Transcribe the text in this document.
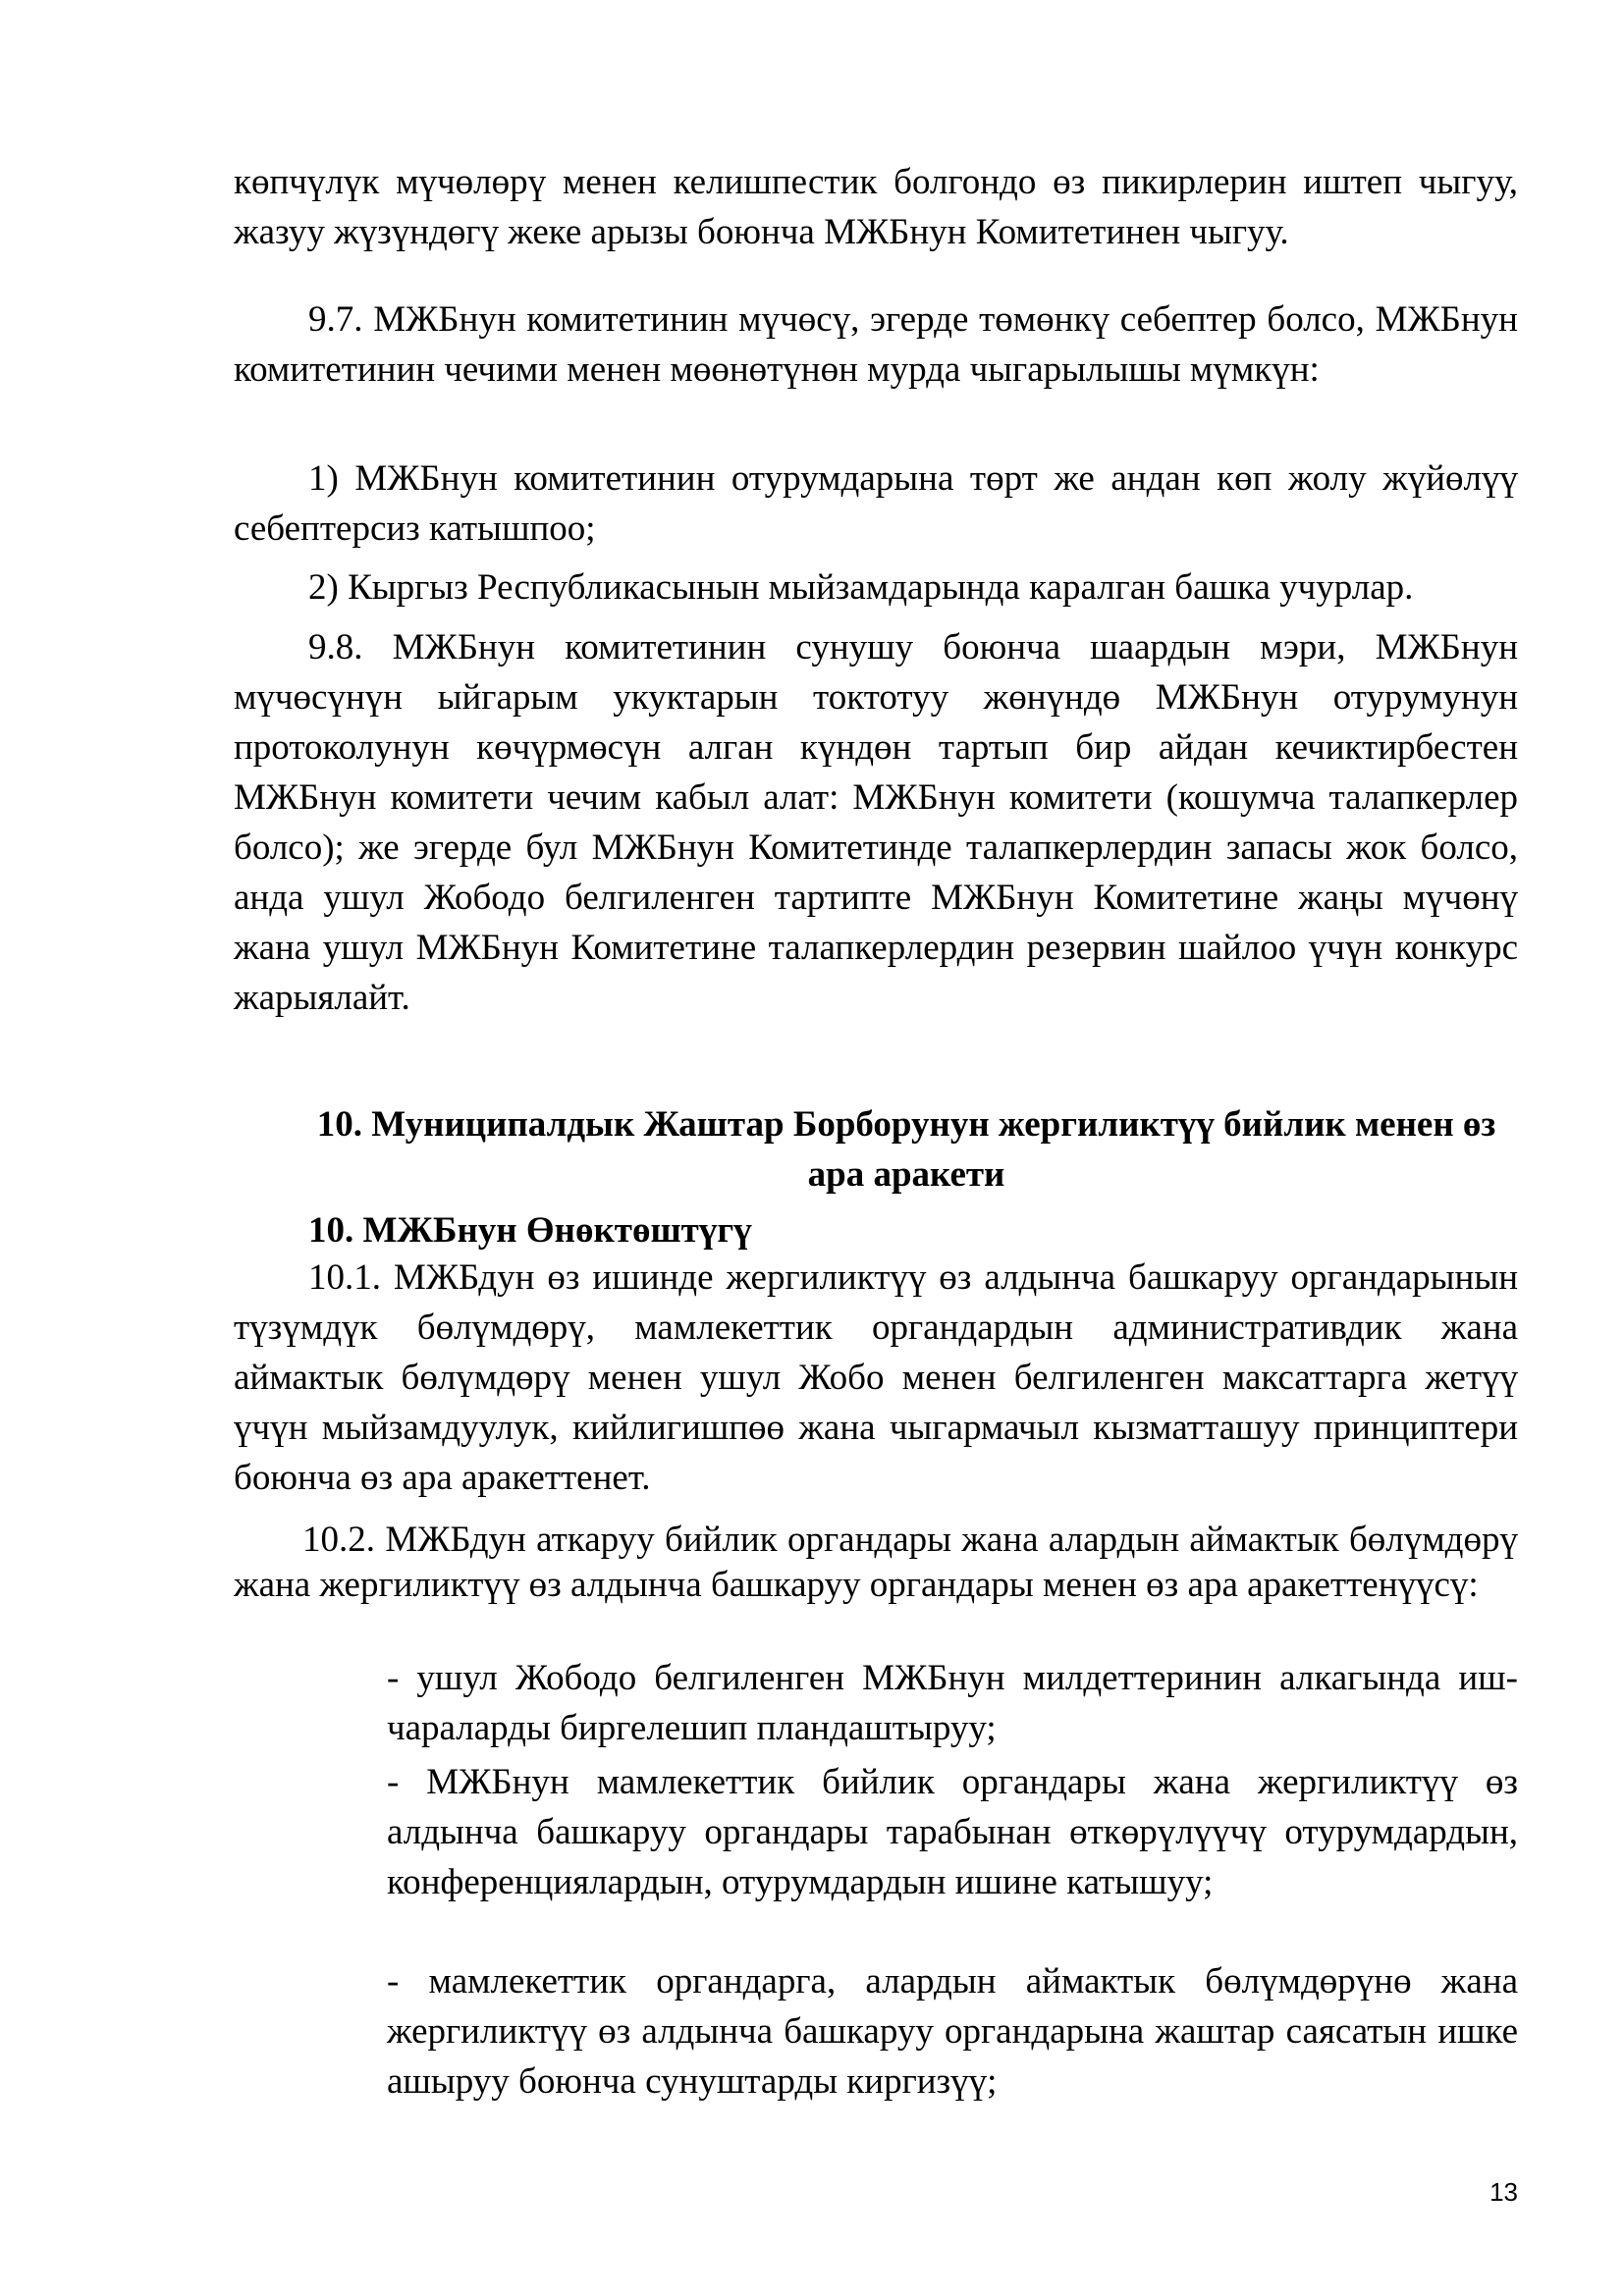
көпчүлүк мүчөлөрү менен келишпестик болгондо өз пикирлерин иштеп чыгуу, жазуу жүзүндөгү жеке арызы боюнча МЖБнун Комитетинен чыгуу.

9.7. МЖБнун комитетинин мүчөсү, эгерде төмөнкү себептер болсо, МЖБнун комитетинин чечими менен мөөнөтүнөн мурда чыгарылышы мүмкүн:

1) МЖБнун комитетинин отурумдарына төрт же андан көп жолу жүйөлүү себептерсиз катышпоо;

2) Кыргыз Республикасынын мыйзамдарында каралган башка учурлар.

9.8. МЖБнун комитетинин сунушу боюнча шаардын мэри, МЖБнун мүчөсүнүн ыйгарым укуктарын токтотуу жөнүндө МЖБнун отурумунун протоколунун көчүрмөсүн алган күндөн тартып бир айдан кечиктирбестен МЖБнун комитети чечим кабыл алат: МЖБнун комитети (кошумча талапкерлер болсо); же эгерде бул МЖБнун Комитетинде талапкерлердин запасы жок болсо, анда ушул Жободо белгиленген тартипте МЖБнун Комитетине жаңы мүчөнү жана ушул МЖБнун Комитетине талапкерлердин резервин шайлоо үчүн конкурс жарыялайт.

10. Муниципалдык Жаштар Борборунун жергиликтүү бийлик менен өз ара аракети

10. МЖБнун Өнөктөштүгү

10.1. МЖБдун өз ишинде жергиликтүү өз алдынча башкаруу органдарынын түзүмдүк бөлүмдөрү, мамлекеттик органдардын административдик жана аймактык бөлүмдөрү менен ушул Жобо менен белгиленген максаттарга жетүү үчүн мыйзамдуулук, кийлигишпөө жана чыгармачыл кызматташуу принциптери боюнча өз ара аракеттенет.

10.2. МЖБдун аткаруу бийлик органдары жана алардын аймактык бөлүмдөрү жана жергиликтүү өз алдынча башкаруу органдары менен өз ара аракеттенүүсү:

- ушул Жободо белгиленген МЖБнун милдеттеринин алкагында иш-чараларды биргелешип пландаштыруу;

- МЖБнун мамлекеттик бийлик органдары жана жергиликтүү өз алдынча башкаруу органдары тарабынан өткөрүлүүчү отурумдардын, конференциялардын, отурумдардын ишине катышуу;

- мамлекеттик органдарга, алардын аймактык бөлүмдөрүнө жана жергиликтүү өз алдынча башкаруу органдарына жаштар саясатын ишке ашыруу боюнча сунуштарды киргизүү;

13
